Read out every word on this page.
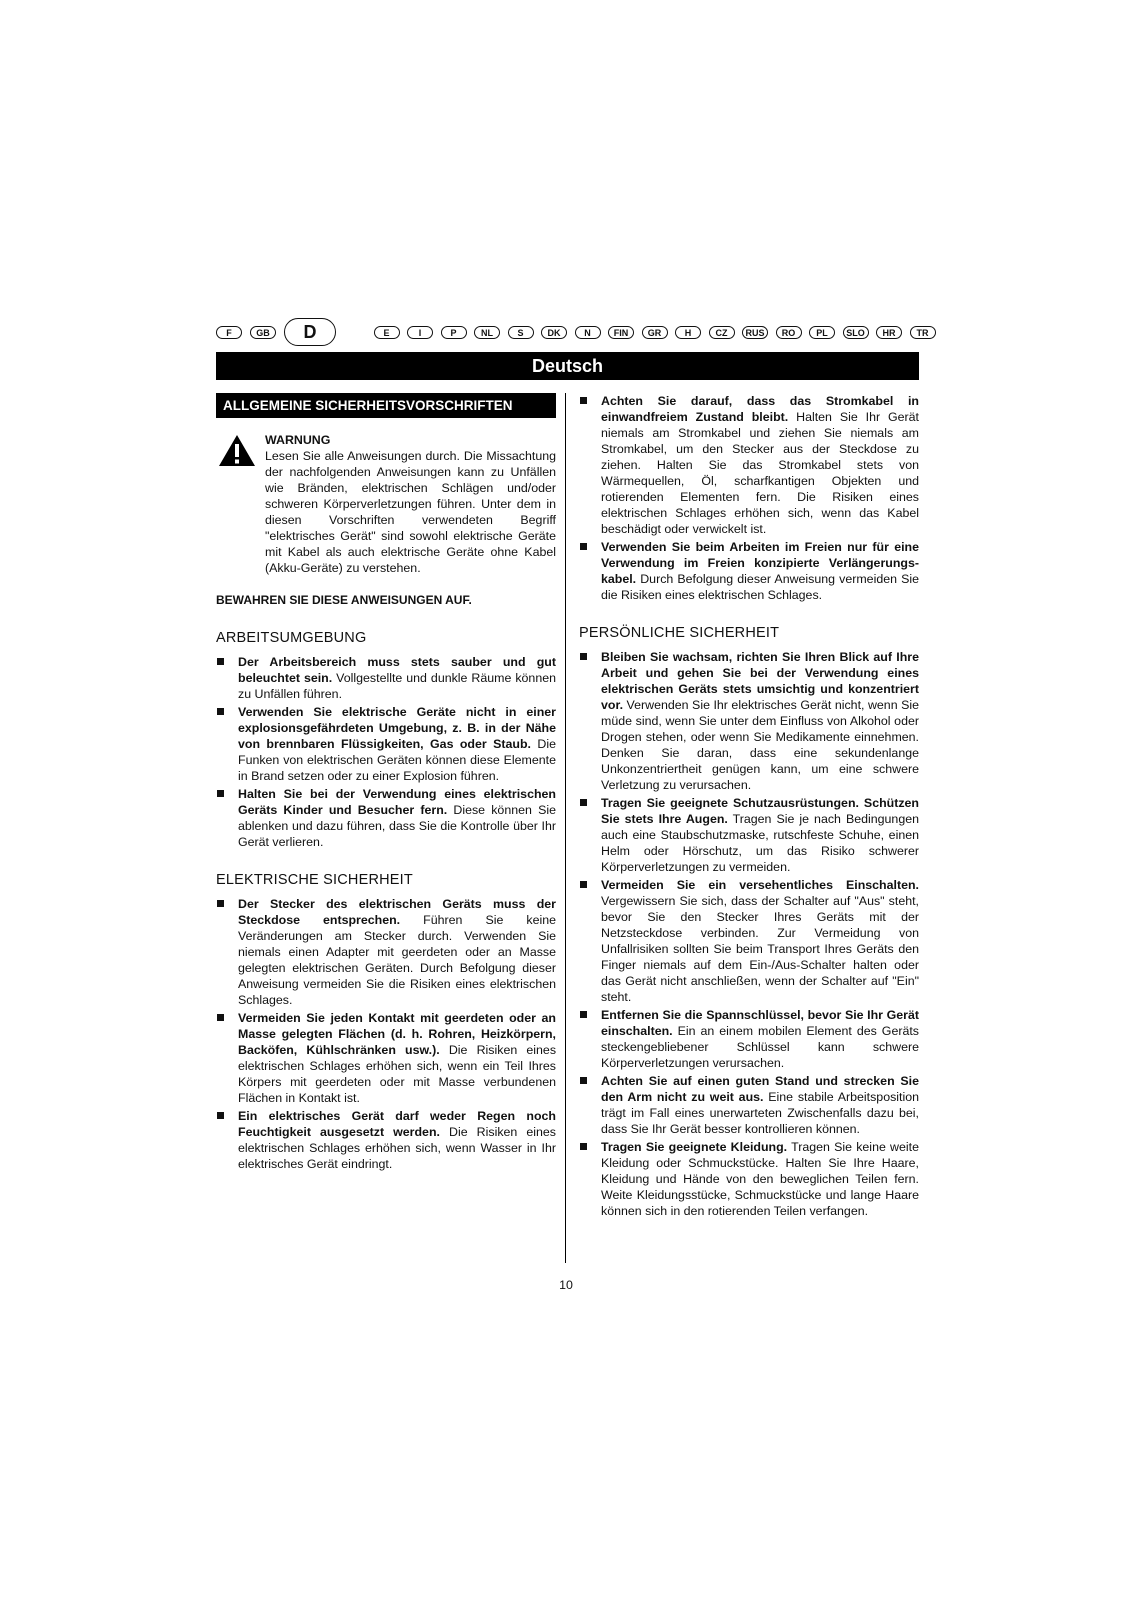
F	GB	D	E	I	P	NL	S	DK	N	FIN	GR	H	CZ	RUS	RO	PL	SLO	HR	TR
Deutsch
ALLGEMEINE SICHERHEITSVORSCHRIFTEN
WARNUNG
Lesen Sie alle Anweisungen durch. Die Missachtung der nachfolgenden Anweisungen kann zu Unfällen wie Bränden, elektrischen Schlägen und/oder schweren Körperverletzungen führen. Unter dem in diesen Vorschriften verwendeten Begriff "elektrisches Gerät" sind sowohl elektrische Geräte mit Kabel als auch elektrische Geräte ohne Kabel (Akku-Geräte) zu verstehen.
BEWAHREN SIE DIESE ANWEISUNGEN AUF.
ARBEITSUMGEBUNG
Der Arbeitsbereich muss stets sauber und gut beleuchtet sein. Vollgestellte und dunkle Räume können zu Unfällen führen.
Verwenden Sie elektrische Geräte nicht in einer explosionsgefährdeten Umgebung, z. B. in der Nähe von brennbaren Flüssigkeiten, Gas oder Staub. Die Funken von elektrischen Geräten können diese Elemente in Brand setzen oder zu einer Explosion führen.
Halten Sie bei der Verwendung eines elektrischen Geräts Kinder und Besucher fern. Diese können Sie ablenken und dazu führen, dass Sie die Kontrolle über Ihr Gerät verlieren.
ELEKTRISCHE SICHERHEIT
Der Stecker des elektrischen Geräts muss der Steckdose entsprechen. Führen Sie keine Veränderungen am Stecker durch. Verwenden Sie niemals einen Adapter mit geerdeten oder an Masse gelegten elektrischen Geräten. Durch Befolgung dieser Anweisung vermeiden Sie die Risiken eines elektrischen Schlages.
Vermeiden Sie jeden Kontakt mit geerdeten oder an Masse gelegten Flächen (d. h. Rohren, Heizkörpern, Backöfen, Kühlschränken usw.). Die Risiken eines elektrischen Schlages erhöhen sich, wenn ein Teil Ihres Körpers mit geerdeten oder mit Masse verbundenen Flächen in Kontakt ist.
Ein elektrisches Gerät darf weder Regen noch Feuchtigkeit ausgesetzt werden. Die Risiken eines elektrischen Schlages erhöhen sich, wenn Wasser in Ihr elektrisches Gerät eindringt.
Achten Sie darauf, dass das Stromkabel in einwandfreiem Zustand bleibt. Halten Sie Ihr Gerät niemals am Stromkabel und ziehen Sie niemals am Stromkabel, um den Stecker aus der Steckdose zu ziehen. Halten Sie das Stromkabel stets von Wärmequellen, Öl, scharfkantigen Objekten und rotierenden Elementen fern. Die Risiken eines elektrischen Schlages erhöhen sich, wenn das Kabel beschädigt oder verwickelt ist.
Verwenden Sie beim Arbeiten im Freien nur für eine Verwendung im Freien konzipierte Verlängerungs-kabel. Durch Befolgung dieser Anweisung vermeiden Sie die Risiken eines elektrischen Schlages.
PERSÖNLICHE SICHERHEIT
Bleiben Sie wachsam, richten Sie Ihren Blick auf Ihre Arbeit und gehen Sie bei der Verwendung eines elektrischen Geräts stets umsichtig und konzentriert vor. Verwenden Sie Ihr elektrisches Gerät nicht, wenn Sie müde sind, wenn Sie unter dem Einfluss von Alkohol oder Drogen stehen, oder wenn Sie Medikamente einnehmen. Denken Sie daran, dass eine sekundenlange Unkonzentriertheit genügen kann, um eine schwere Verletzung zu verursachen.
Tragen Sie geeignete Schutzausrüstungen. Schützen Sie stets Ihre Augen. Tragen Sie je nach Bedingungen auch eine Staubschutzmaske, rutschfeste Schuhe, einen Helm oder Hörschutz, um das Risiko schwerer Körperverletzungen zu vermeiden.
Vermeiden Sie ein versehentliches Einschalten. Vergewissern Sie sich, dass der Schalter auf "Aus" steht, bevor Sie den Stecker Ihres Geräts mit der Netzsteckdose verbinden. Zur Vermeidung von Unfallrisiken sollten Sie beim Transport Ihres Geräts den Finger niemals auf dem Ein-/Aus-Schalter halten oder das Gerät nicht anschließen, wenn der Schalter auf "Ein" steht.
Entfernen Sie die Spannschlüssel, bevor Sie Ihr Gerät einschalten. Ein an einem mobilen Element des Geräts steckengebliebener Schlüssel kann schwere Körperverletzungen verursachen.
Achten Sie auf einen guten Stand und strecken Sie den Arm nicht zu weit aus. Eine stabile Arbeitsposition trägt im Fall eines unerwarteten Zwischenfalls dazu bei, dass Sie Ihr Gerät besser kontrollieren können.
Tragen Sie geeignete Kleidung. Tragen Sie keine weite Kleidung oder Schmuckstücke. Halten Sie Ihre Haare, Kleidung und Hände von den beweglichen Teilen fern. Weite Kleidungsstücke, Schmuckstücke und lange Haare können sich in den rotierenden Teilen verfangen.
10
